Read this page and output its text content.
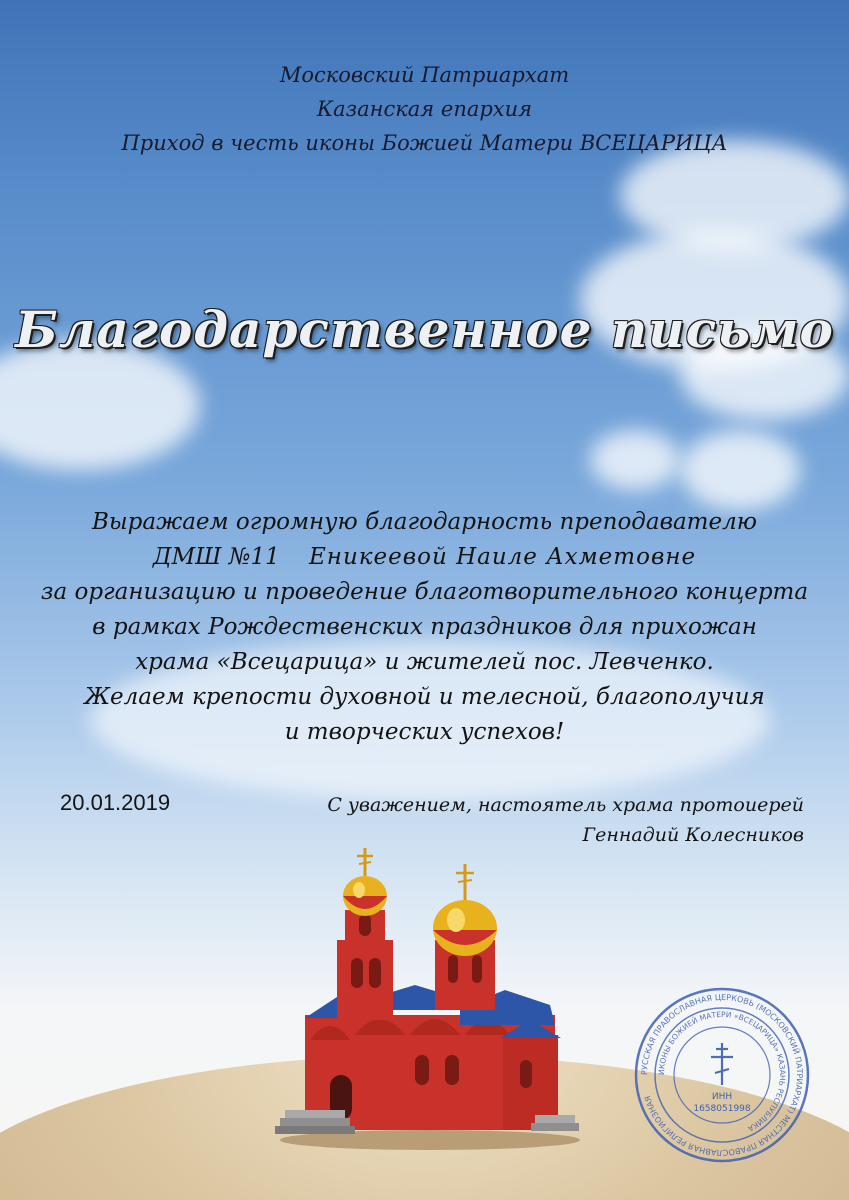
Московский Патриархат
Казанская епархия
Приход в честь иконы Божией Матери ВСЕЦАРИЦА
Благодарственное письмо
Выражаем огромную благодарность преподавателю
ДМШ №11 Еникеевой Наиле Ахметовне
за организацию и проведение благотворительного концерта
в рамках Рождественских праздников для прихожан
храма «Всецарица» и жителей пос. Левченко.
Желаем крепости духовной и телесной, благополучия
и творческих успехов!
20.01.2019	С уважением, настоятель храма протоиерей
Геннадий Колесников
РУССКАЯ ПРАВОСЛАВНАЯ ЦЕРКОВЬ (МОСКОВСКИЙ ПАТРИАРХАТ) МЕСТНАЯ ПРАВОСЛАВНАЯ РЕЛИГИОЗНАЯ
ИКОНЫ БОЖИЕЙ МАТЕРИ «ВСЕЦАРИЦА» КАЗАНЬ РЕСПУБЛИКА
ИНН
1658051998
